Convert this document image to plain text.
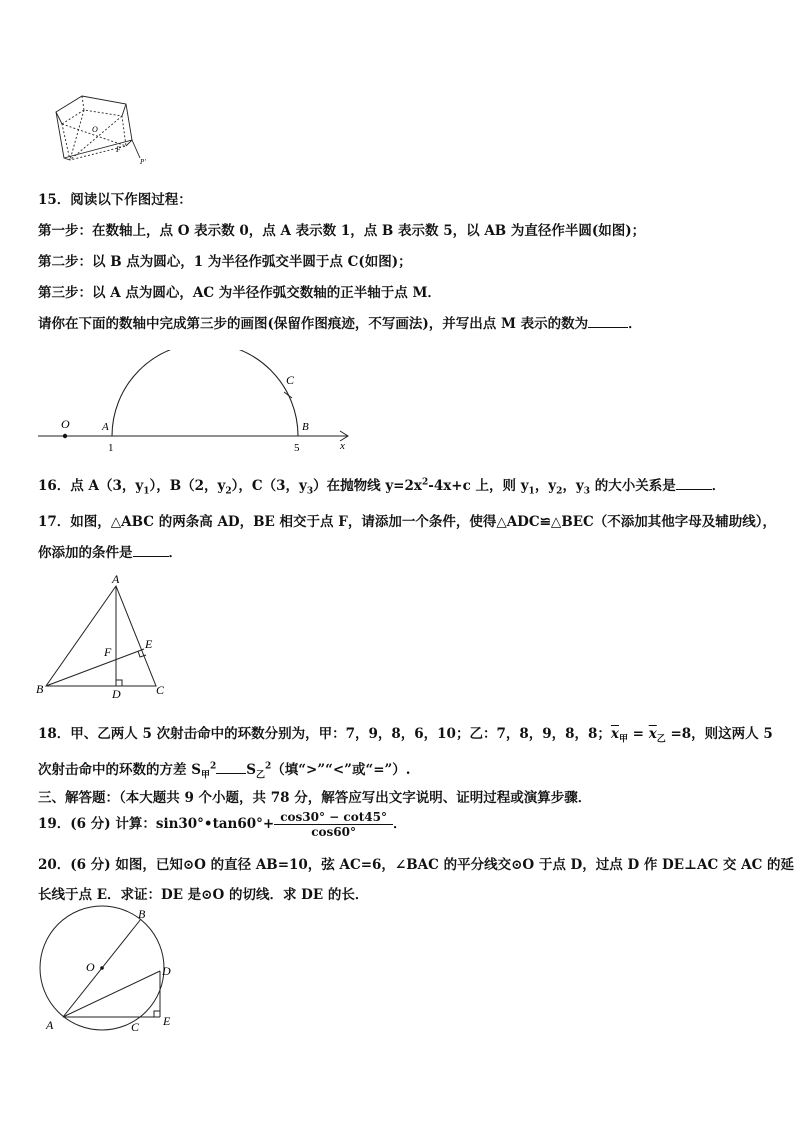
O
F
P'
15．阅读以下作图过程：
第一步：在数轴上，点 O 表示数 0，点 A 表示数 1，点 B 表示数 5，以 AB 为直径作半圆(如图)；
第二步：以 B 点为圆心，1 为半径作弧交半圆于点 C(如图)；
第三步：以 A 点为圆心，AC 为半径作弧交数轴的正半轴于点 M．
请你在下面的数轴中完成第三步的画图(保留作图痕迹，不写画法)，并写出点 M 表示的数为	．
O	A	B
C
x
1	5
16．点 A（3，$y_1$），B（2，$y_2$），C（3，$y_3$）在抛物线 $y=2x^2-4x+c$ 上，则 $y_1$，$y_2$，$y_3$ 的大小关系是	．
17．如图，△ABC 的两条高 AD，BE 相交于点 F，请添加一个条件，使得△ADC≌△BEC（不添加其他字母及辅助线），
你添加的条件是	．
A
B	C
D
E
F
18．甲、乙两人 5 次射击命中的环数分别为，甲：7，9，8，6，10；乙：7，8，9，8，8；$\overline{x}_甲 = \overline{x}_乙 =8$，则这两人 5
次射击命中的环数的方差 $S_甲^2$ $S_乙^2$（填“>”“<”或“=”）.
三、解答题：（本大题共 9 个小题，共 78 分，解答应写出文字说明、证明过程或演算步骤．
19．(6 分) 计算：sin30°•tan60°+ $\frac{\cos 30^\circ - \cot 45^\circ}{\cos 60^\circ}$ ．
20．(6 分) 如图，已知⊙O 的直径 AB=10，弦 AC=6，∠BAC 的平分线交⊙O 于点 D，过点 D 作 DE⊥AC 交 AC 的延
长线于点 E．求证：DE 是⊙O 的切线．求 DE 的长．
A
B
C
D
E
O
